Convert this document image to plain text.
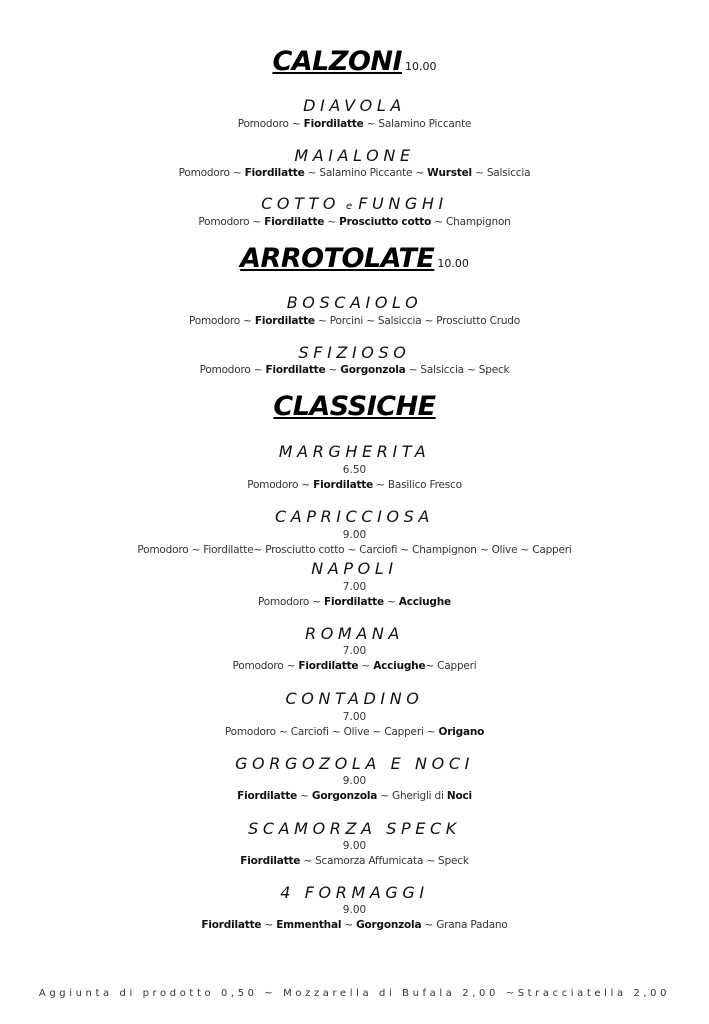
CALZONI 10.00
DIAVOLA
Pomodoro ~ Fiordilatte ~ Salamino Piccante
MAIALONE
Pomodoro ~ Fiordilatte ~ Salamino Piccante ~ Wurstel ~ Salsiccia
COTTO e FUNGHI
Pomodoro ~ Fiordilatte ~ Prosciutto cotto ~ Champignon
ARROTOLATE 10.00
BOSCAIOLO
Pomodoro ~ Fiordilatte ~ Porcini ~ Salsiccia ~ Prosciutto Crudo
SFIZIOSO
Pomodoro ~ Fiordilatte ~ Gorgonzola ~ Salsiccia ~ Speck
CLASSICHE
MARGHERITA
6.50
Pomodoro ~ Fiordilatte ~ Basilico Fresco
CAPRICCIOSA
9.00
Pomodoro ~ Fiordilatte~ Prosciutto cotto ~ Carciofi ~ Champignon ~ Olive ~ Capperi
NAPOLI
7.00
Pomodoro ~ Fiordilatte ~ Acciughe
ROMANA
7.00
Pomodoro ~ Fiordilatte ~ Acciughe~ Capperi
CONTADINO
7.00
Pomodoro ~ Carciofi ~ Olive ~ Capperi ~ Origano
GORGOZOLA E NOCI
9.00
Fiordilatte ~ Gorgonzola ~ Gherigli di Noci
SCAMORZA SPECK
9.00
Fiordilatte ~ Scamorza Affumicata ~ Speck
4 FORMAGGI
9.00
Fiordilatte ~ Emmenthal ~ Gorgonzola ~ Grana Padano
Aggiunta di prodotto 0,50 ~ Mozzarella di Bufala 2,00 ~Stracciatella 2,00
